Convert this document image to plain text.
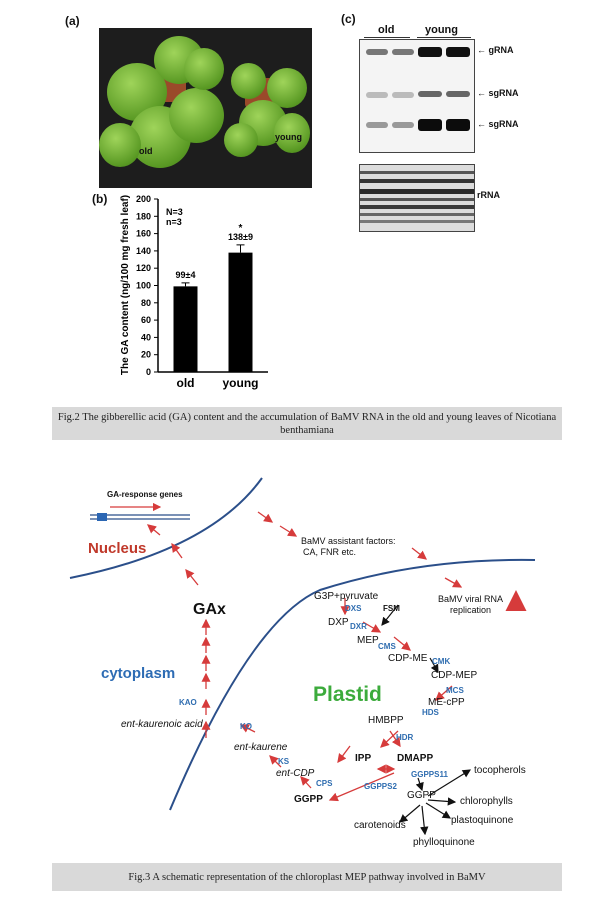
(a)
old
young
(c)
old	young
← gRNA
← sgRNA
← sgRNA
rRNA
(b) The GA content (ng/100 mg fresh leaf) 0
20
40
60
80
100
120
140
160
180
200
99±4
old
138±9
*
young
N=3
n=3
Fig.2 The gibberellic acid (GA) content and the accumulation of BaMV RNA in the old and young leaves of Nicotiana benthamiana
GA-response genes
Nucleus
cytoplasm
Plastid
GAx
KAO
ent-kaurenoic acid	KO
ent-kaurene
KS
ent-CDP
CPS
GGPP
BaMV assistant factors:
CA, FNR etc.
BaMV viral RNA
replication
G3P+pyruvate
DXS	FSM
DXP DXR
MEP
CMS
CDP-ME CMK
CDP-MEP
MCS
ME-cPP
HDS
HMBPP
HDR
IPP	DMAPP
GGPPS11
GGPPS2
GGPP
tocopherols
chlorophylls
plastoquinone
carotenoids
phylloquinone
Fig.3 A schematic representation of the chloroplast MEP pathway involved in BaMV
